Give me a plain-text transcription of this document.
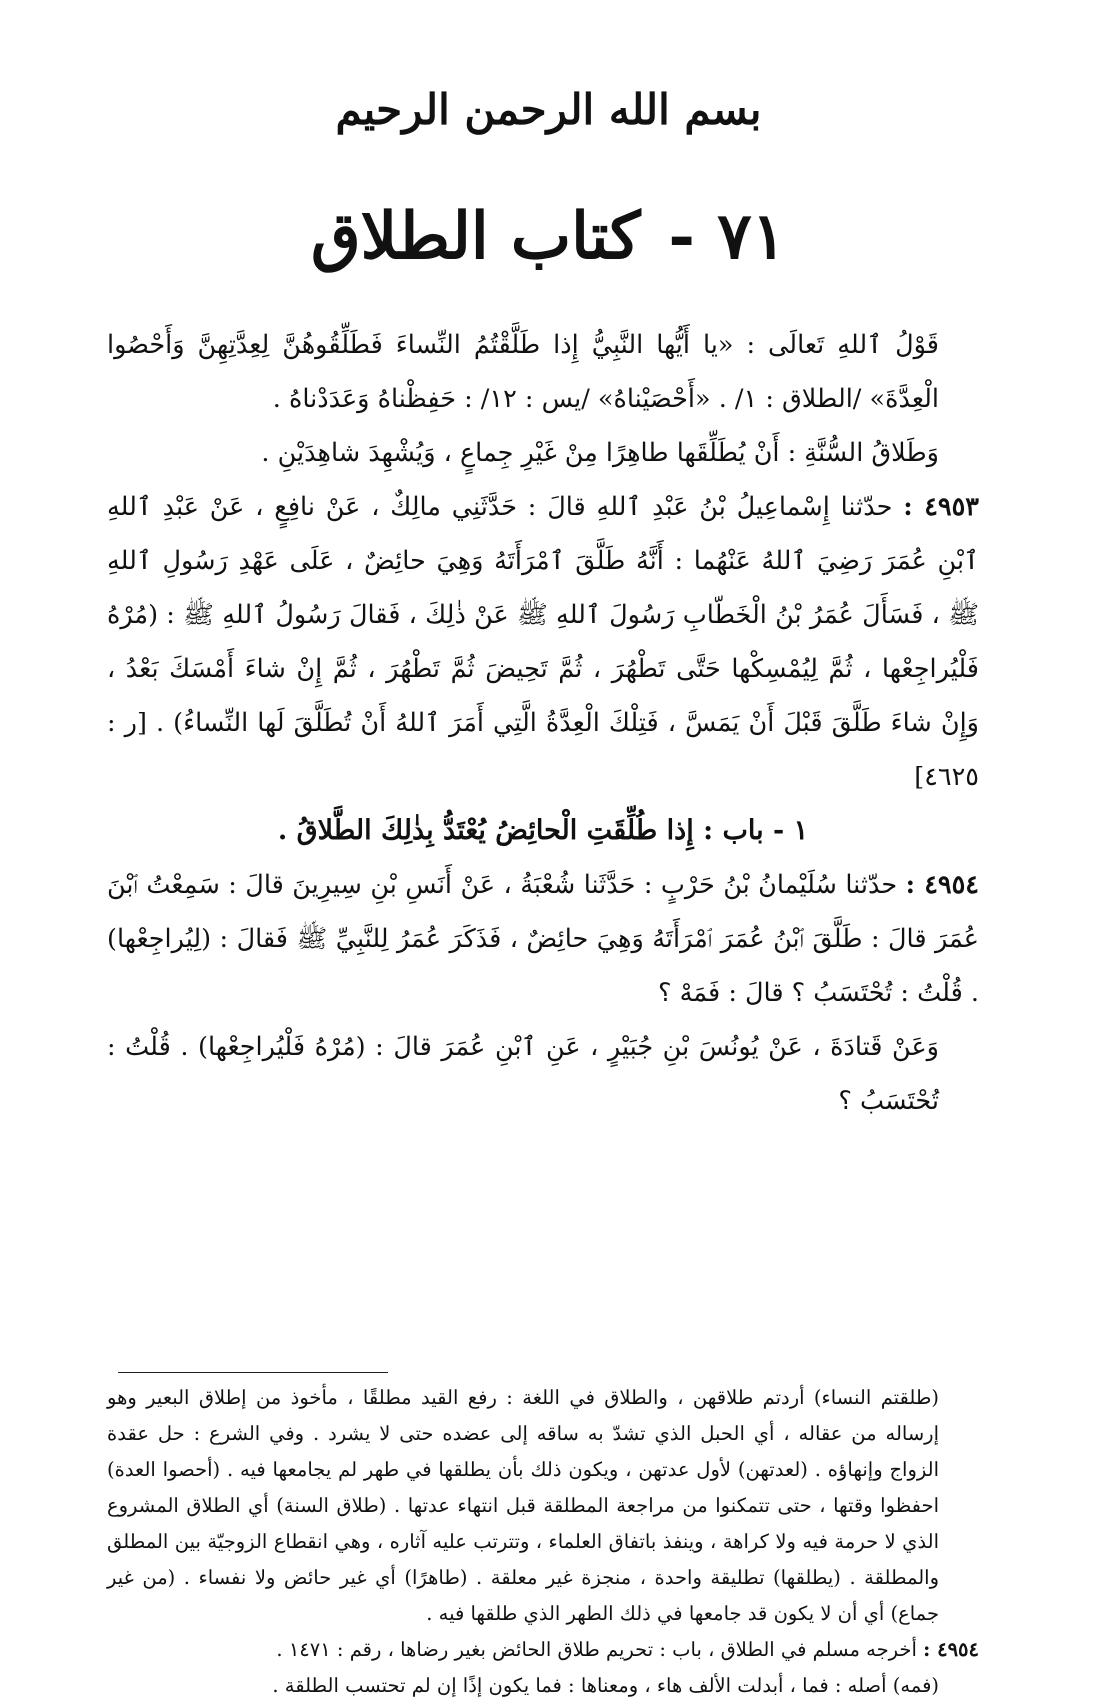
بسم الله الرحمن الرحيم
٧١ -كتاب الطلاق

قَوْلُ ٱللهِ تَعالَى : «يا أَيُّها النَّبِيُّ إِذا طَلَّقْتُمُ النِّساءَ فَطَلِّقُوهُنَّ لِعِدَّتِهِنَّ وَأَحْصُوا الْعِدَّةَ» /الطلاق : ١/ . «أَحْصَيْناهُ» /يس : ١٢/ : حَفِظْناهُ وَعَدَدْناهُ .

وَطَلاقُ السُّنَّةِ : أَنْ يُطَلِّقَها طاهِرًا مِنْ غَيْرِ جِماعٍ ، وَيُشْهِدَ شاهِدَيْنِ .

٤٩٥٣ : حدّثنا إِسْماعِيلُ بْنُ عَبْدِ ٱللهِ قالَ : حَدَّثَنِي مالِكٌ ، عَنْ نافِعٍ ، عَنْ عَبْدِ ٱللهِ ٱبْنِ عُمَرَ رَضِيَ ٱللهُ عَنْهُما : أَنَّهُ طَلَّقَ ٱمْرَأَتَهُ وَهِيَ حائِضٌ ، عَلَى عَهْدِ رَسُولِ ٱللهِ ﷺ ، فَسَأَلَ عُمَرُ بْنُ الْخَطّابِ رَسُولَ ٱللهِ ﷺ عَنْ ذٰلِكَ ، فَقالَ رَسُولُ ٱللهِ ﷺ : (مُرْهُ فَلْيُراجِعْها ، ثُمَّ لِيُمْسِكْها حَتَّى تَطْهُرَ ، ثُمَّ تَحِيضَ ثُمَّ تَطْهُرَ ، ثُمَّ إِنْ شاءَ أَمْسَكَ بَعْدُ ، وَإِنْ شاءَ طَلَّقَ قَبْلَ أَنْ يَمَسَّ ، فَتِلْكَ الْعِدَّةُ الَّتِي أَمَرَ ٱللهُ أَنْ تُطَلَّقَ لَها النِّساءُ) . [ر : ٤٦٢٥]

١ - باب : إِذا طُلِّقَتِ الْحائِضُ يُعْتَدُّ بِذٰلِكَ الطَّلاقُ .

٤٩٥٤ : حدّثنا سُلَيْمانُ بْنُ حَرْبٍ : حَدَّثَنا شُعْبَةُ ، عَنْ أَنَسِ بْنِ سِيرِينَ قالَ : سَمِعْتُ ٱبْنَ عُمَرَ قالَ : طَلَّقَ ٱبْنُ عُمَرَ ٱمْرَأَتَهُ وَهِيَ حائِضٌ ، فَذَكَرَ عُمَرُ لِلنَّبِيِّ ﷺ فَقالَ : (لِيُراجِعْها) . قُلْتُ : تُحْتَسَبُ ؟ قالَ : فَمَهْ ؟

وَعَنْ قَتادَةَ ، عَنْ يُونُسَ بْنِ جُبَيْرٍ ، عَنِ ٱبْنِ عُمَرَ قالَ : (مُرْهُ فَلْيُراجِعْها) . قُلْتُ : تُحْتَسَبُ ؟

(طلقتم النساء) أردتم طلاقهن ، والطلاق في اللغة : رفع القيد مطلقًا ، مأخوذ من إطلاق البعير وهو إرساله من عقاله ، أي الحبل الذي تشدّ به ساقه إلى عضده حتى لا يشرد . وفي الشرع : حل عقدة الزواج وإنهاؤه . (لعدتهن) لأول عدتهن ، ويكون ذلك بأن يطلقها في طهر لم يجامعها فيه . (أحصوا العدة) احفظوا وقتها ، حتى تتمكنوا من مراجعة المطلقة قبل انتهاء عدتها . (طلاق السنة) أي الطلاق المشروع الذي لا حرمة فيه ولا كراهة ، وينفذ باتفاق العلماء ، وتترتب عليه آثاره ، وهي انقطاع الزوجيّة بين المطلق والمطلقة . (يطلقها) تطليقة واحدة ، منجزة غير معلقة . (طاهرًا) أي غير حائض ولا نفساء . (من غير جماع) أي أن لا يكون قد جامعها في ذلك الطهر الذي طلقها فيه .

٤٩٥٤ : أخرجه مسلم في الطلاق ، باب : تحريم طلاق الحائض بغير رضاها ، رقم : ١٤٧١ .

(فمه) أصله : فما ، أبدلت الألف هاء ، ومعناها : فما يكون إذًا إن لم تحتسب الطلقة .
